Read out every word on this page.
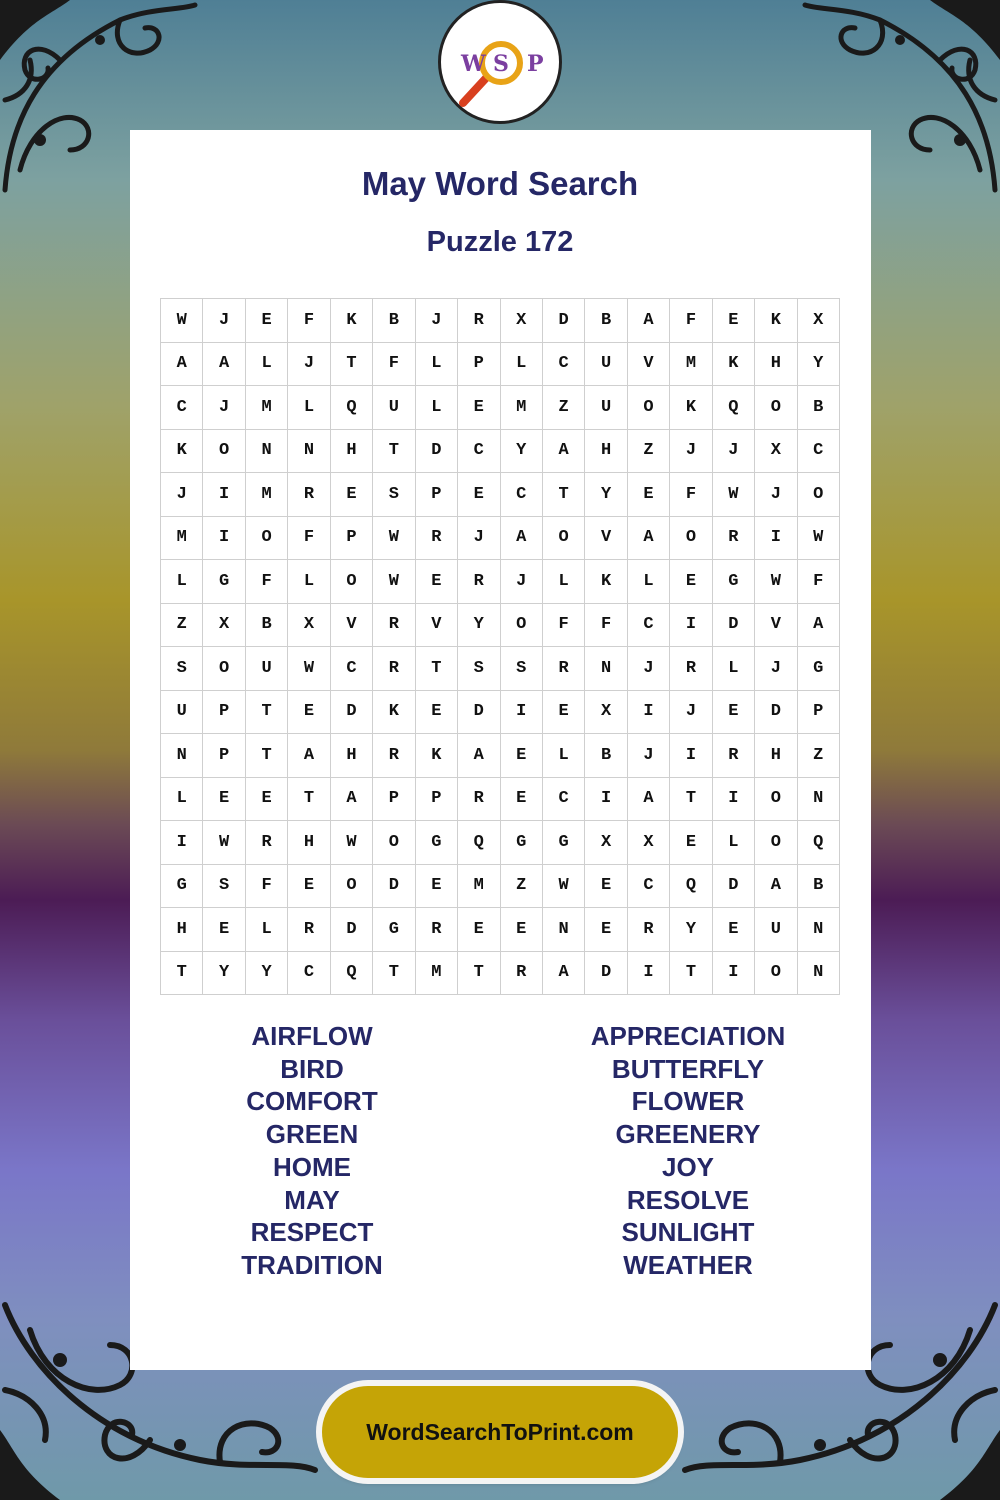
W S P
May Word Search
Puzzle 172
W	J	E	F	K	B	J	R	X	D	B	A	F	E	K	X
A	A	L	J	T	F	L	P	L	C	U	V	M	K	H	Y
C	J	M	L	Q	U	L	E	M	Z	U	O	K	Q	O	B
K	O	N	N	H	T	D	C	Y	A	H	Z	J	J	X	C
J	I	M	R	E	S	P	E	C	T	Y	E	F	W	J	O
M	I	O	F	P	W	R	J	A	O	V	A	O	R	I	W
L	G	F	L	O	W	E	R	J	L	K	L	E	G	W	F
Z	X	B	X	V	R	V	Y	O	F	F	C	I	D	V	A
S	O	U	W	C	R	T	S	S	R	N	J	R	L	J	G
U	P	T	E	D	K	E	D	I	E	X	I	J	E	D	P
N	P	T	A	H	R	K	A	E	L	B	J	I	R	H	Z
L	E	E	T	A	P	P	R	E	C	I	A	T	I	O	N
I	W	R	H	W	O	G	Q	G	G	X	X	E	L	O	Q
G	S	F	E	O	D	E	M	Z	W	E	C	Q	D	A	B
H	E	L	R	D	G	R	E	E	N	E	R	Y	E	U	N
T	Y	Y	C	Q	T	M	T	R	A	D	I	T	I	O	N
AIRFLOW
BIRD
COMFORT
GREEN
HOME
MAY
RESPECT
TRADITION
APPRECIATION
BUTTERFLY
FLOWER
GREENERY
JOY
RESOLVE
SUNLIGHT
WEATHER
WordSearchToPrint.com
